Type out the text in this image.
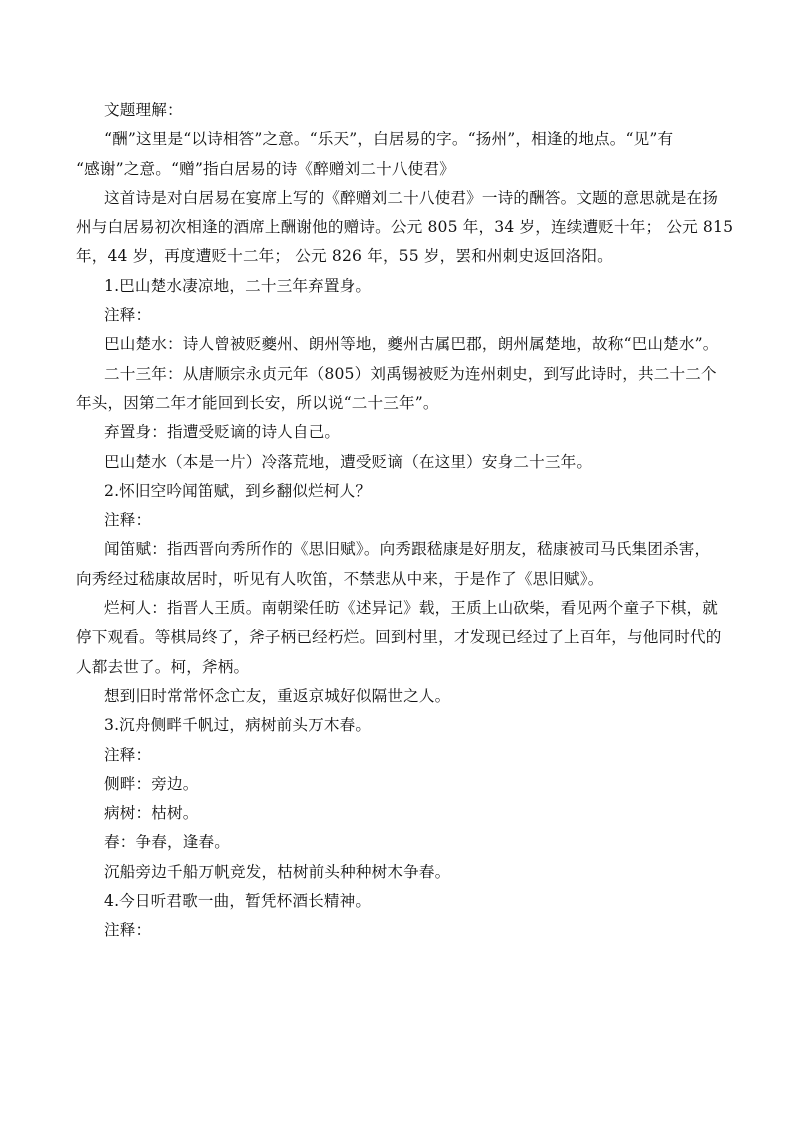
文题理解：

“酬”这里是“以诗相答”之意。“乐天”，白居易的字。“扬州”，相逢的地点。“见”有

“感谢”之意。“赠”指白居易的诗《醉赠刘二十八使君》

这首诗是对白居易在宴席上写的《醉赠刘二十八使君》一诗的酬答。文题的意思就是在扬

州与白居易初次相逢的酒席上酬谢他的赠诗。公元 805 年，34 岁，连续遭贬十年； 公元 815

年，44 岁，再度遭贬十二年； 公元 826 年，55 岁，罢和州刺史返回洛阳。

1.巴山楚水凄凉地，二十三年弃置身。

注释：

巴山楚水：诗人曾被贬夔州、朗州等地，夔州古属巴郡，朗州属楚地，故称“巴山楚水”。

二十三年：从唐顺宗永贞元年（805）刘禹锡被贬为连州刺史，到写此诗时，共二十二个

年头，因第二年才能回到长安，所以说“二十三年”。

弃置身：指遭受贬谪的诗人自己。

巴山楚水（本是一片）冷落荒地，遭受贬谪（在这里）安身二十三年。

2.怀旧空吟闻笛赋，到乡翻似烂柯人？

注释：

闻笛赋：指西晋向秀所作的《思旧赋》。向秀跟嵇康是好朋友，嵇康被司马氏集团杀害，

向秀经过嵇康故居时，听见有人吹笛，不禁悲从中来，于是作了《思旧赋》。

烂柯人：指晋人王质。南朝梁任昉《述异记》载，王质上山砍柴，看见两个童子下棋，就

停下观看。等棋局终了，斧子柄已经朽烂。回到村里，才发现已经过了上百年，与他同时代的

人都去世了。柯，斧柄。

想到旧时常常怀念亡友，重返京城好似隔世之人。

3.沉舟侧畔千帆过，病树前头万木春。

注释：

侧畔：旁边。

病树：枯树。

春：争春，逢春。

沉船旁边千船万帆竞发，枯树前头种种树木争春。

4.今日听君歌一曲，暂凭杯酒长精神。

注释：
